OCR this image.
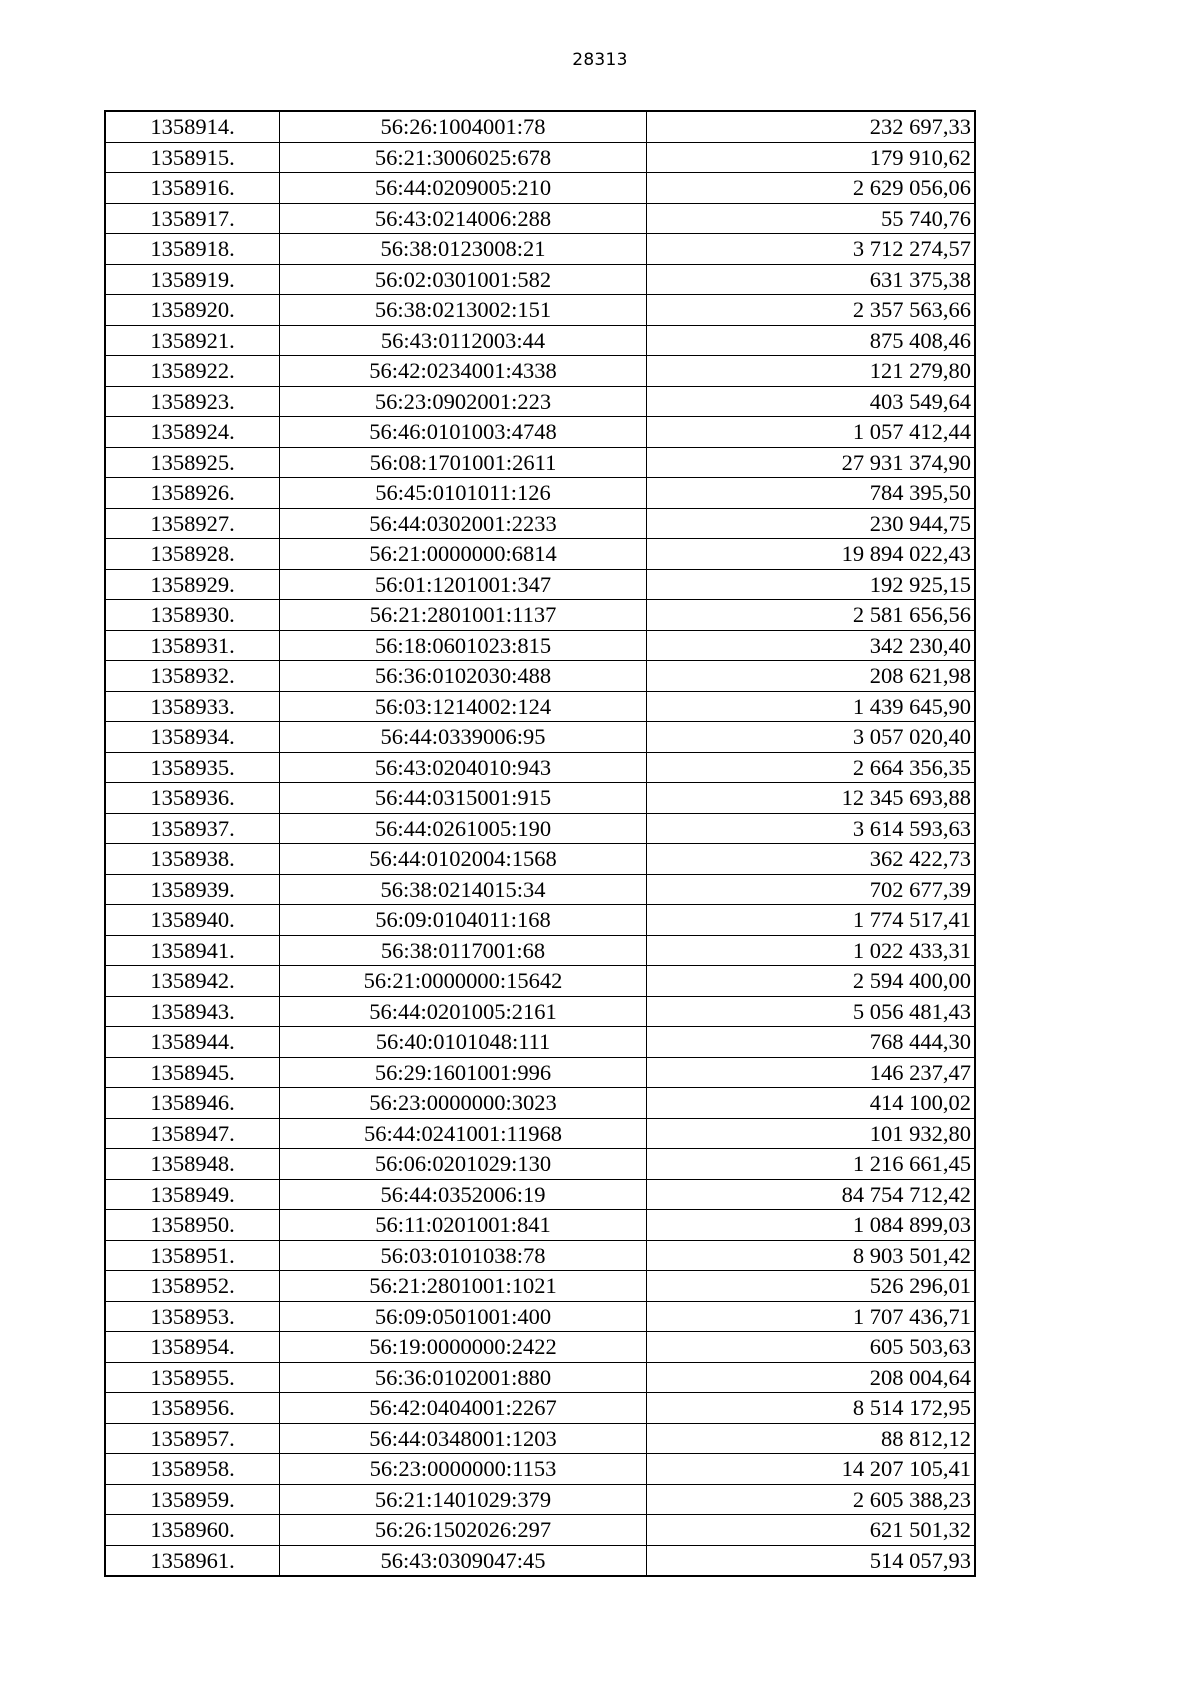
28313
1358914.	56:26:1004001:78	232 697,33
1358915.	56:21:3006025:678	179 910,62
1358916.	56:44:0209005:210	2 629 056,06
1358917.	56:43:0214006:288	55 740,76
1358918.	56:38:0123008:21	3 712 274,57
1358919.	56:02:0301001:582	631 375,38
1358920.	56:38:0213002:151	2 357 563,66
1358921.	56:43:0112003:44	875 408,46
1358922.	56:42:0234001:4338	121 279,80
1358923.	56:23:0902001:223	403 549,64
1358924.	56:46:0101003:4748	1 057 412,44
1358925.	56:08:1701001:2611	27 931 374,90
1358926.	56:45:0101011:126	784 395,50
1358927.	56:44:0302001:2233	230 944,75
1358928.	56:21:0000000:6814	19 894 022,43
1358929.	56:01:1201001:347	192 925,15
1358930.	56:21:2801001:1137	2 581 656,56
1358931.	56:18:0601023:815	342 230,40
1358932.	56:36:0102030:488	208 621,98
1358933.	56:03:1214002:124	1 439 645,90
1358934.	56:44:0339006:95	3 057 020,40
1358935.	56:43:0204010:943	2 664 356,35
1358936.	56:44:0315001:915	12 345 693,88
1358937.	56:44:0261005:190	3 614 593,63
1358938.	56:44:0102004:1568	362 422,73
1358939.	56:38:0214015:34	702 677,39
1358940.	56:09:0104011:168	1 774 517,41
1358941.	56:38:0117001:68	1 022 433,31
1358942.	56:21:0000000:15642	2 594 400,00
1358943.	56:44:0201005:2161	5 056 481,43
1358944.	56:40:0101048:111	768 444,30
1358945.	56:29:1601001:996	146 237,47
1358946.	56:23:0000000:3023	414 100,02
1358947.	56:44:0241001:11968	101 932,80
1358948.	56:06:0201029:130	1 216 661,45
1358949.	56:44:0352006:19	84 754 712,42
1358950.	56:11:0201001:841	1 084 899,03
1358951.	56:03:0101038:78	8 903 501,42
1358952.	56:21:2801001:1021	526 296,01
1358953.	56:09:0501001:400	1 707 436,71
1358954.	56:19:0000000:2422	605 503,63
1358955.	56:36:0102001:880	208 004,64
1358956.	56:42:0404001:2267	8 514 172,95
1358957.	56:44:0348001:1203	88 812,12
1358958.	56:23:0000000:1153	14 207 105,41
1358959.	56:21:1401029:379	2 605 388,23
1358960.	56:26:1502026:297	621 501,32
1358961.	56:43:0309047:45	514 057,93
